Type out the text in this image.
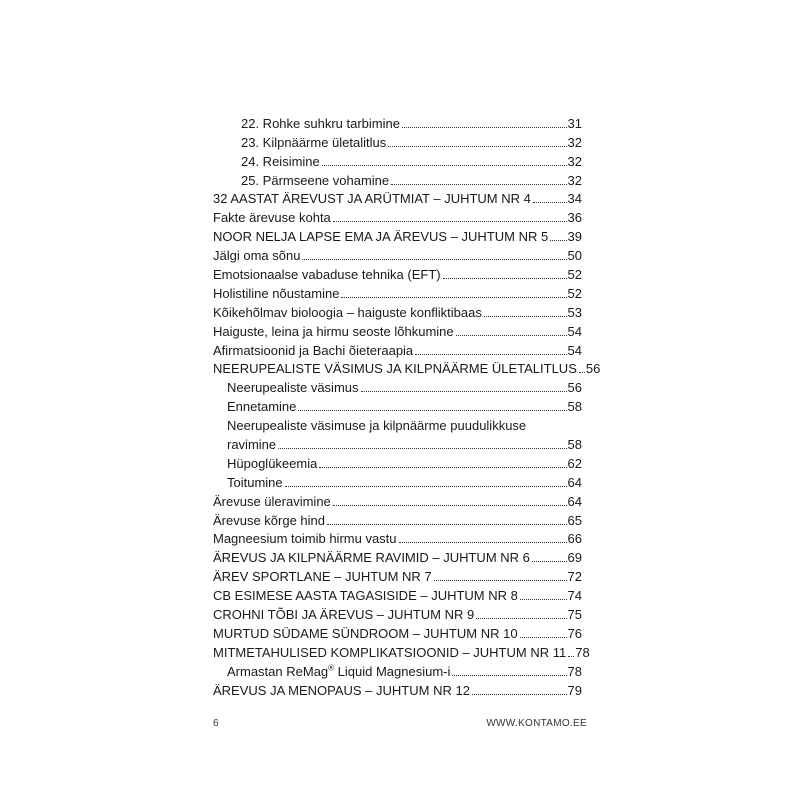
22. Rohke suhkru tarbimine	31
23. Kilpnäärme ületalitlus	32
24. Reisimine	32
25. Pärmseene vohamine	32
32 AASTAT ÄREVUST JA ARÜTMIAT – JUHTUM NR 4	34
Fakte ärevuse kohta	36
NOOR NELJA LAPSE EMA JA ÄREVUS – JUHTUM NR 5 39
Jälgi oma sõnu	50
Emotsionaalse vabaduse tehnika (EFT)	52
Holistiline nõustamine	52
Kõikehõlmav bioloogia – haiguste konfliktibaas	53
Haiguste, leina ja hirmu seoste lõhkumine	54
Afirmatsioonid ja Bachi õieteraapia	54
NEERUPEALISTE VÄSIMUS JA KILPNÄÄRME ÜLETALITLUS 56
Neerupealiste väsimus	56
Ennetamine	58
Neerupealiste väsimuse ja kilpnäärme puudulikkuse
ravimine	58
Hüpoglükeemia	62
Toitumine	64
Ärevuse üleravimine	64
Ärevuse kõrge hind	65
Magneesium toimib hirmu vastu	66
ÄREVUS JA KILPNÄÄRME RAVIMID – JUHTUM NR 6	69
ÄREV SPORTLANE – JUHTUM NR 7	72
CB ESIMESE AASTA TAGASISIDE – JUHTUM NR 8	74
CROHNI TÕBI JA ÄREVUS – JUHTUM NR 9	75
MURTUD SÜDAME SÜNDROOM – JUHTUM NR 10	76
MITMETAHULISED KOMPLIKATSIOONID – JUHTUM NR 11 78
Armastan ReMag® Liquid Magnesium-i	78
ÄREVUS JA MENOPAUS – JUHTUM NR 12	79
6	WWW.KONTAMO.EE
